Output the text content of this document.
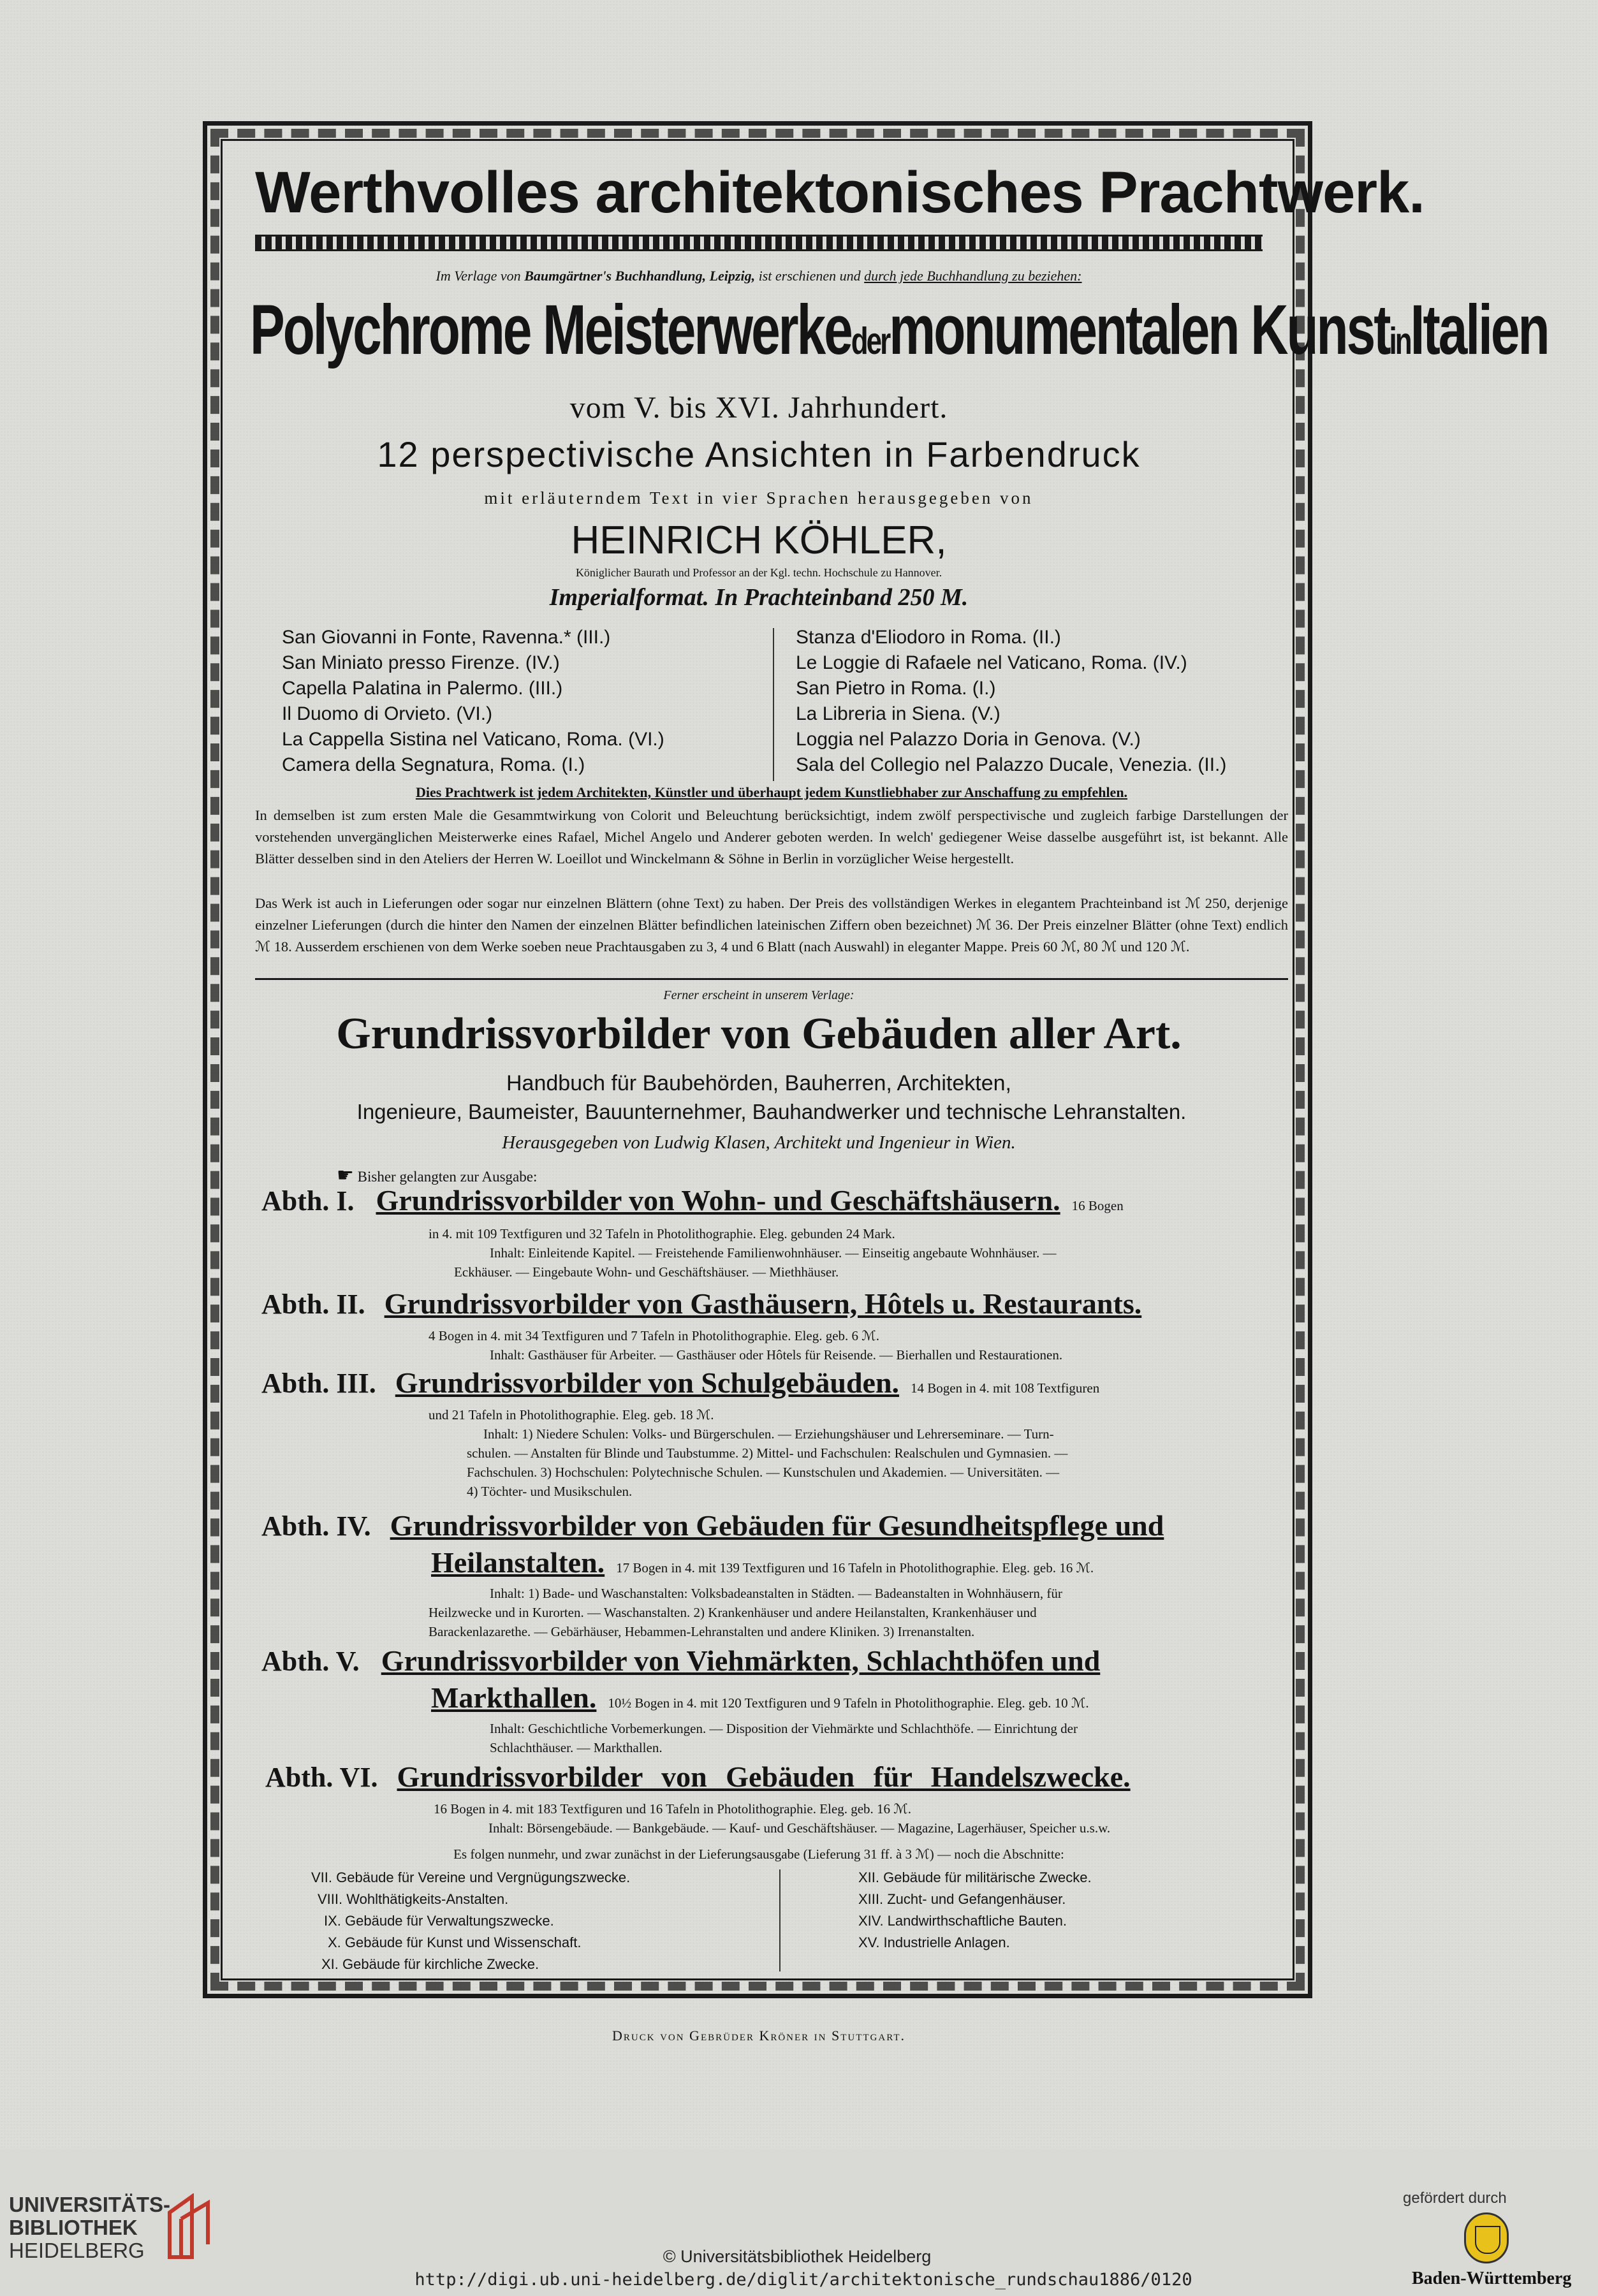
Werthvolles architektonisches Prachtwerk.
Im Verlage von Baumgärtner's Buchhandlung, Leipzig, ist erschienen und durch jede Buchhandlung zu beziehen:
Polychrome Meisterwerkedermonumentalen KunstinItalien
vom V. bis XVI. Jahrhundert.
12 perspectivische Ansichten in Farbendruck
mit erläuterndem Text in vier Sprachen herausgegeben von
HEINRICH KÖHLER,
Königlicher Baurath und Professor an der Kgl. techn. Hochschule zu Hannover.
Imperialformat. In Prachteinband 250 M.
San Giovanni in Fonte, Ravenna.* (III.)
San Miniato presso Firenze. (IV.)
Capella Palatina in Palermo. (III.)
Il Duomo di Orvieto. (VI.)
La Cappella Sistina nel Vaticano, Roma. (VI.)
Camera della Segnatura, Roma. (I.)
Stanza d'Eliodoro in Roma. (II.)
Le Loggie di Rafaele nel Vaticano, Roma. (IV.)
San Pietro in Roma. (I.)
La Libreria in Siena. (V.)
Loggia nel Palazzo Doria in Genova. (V.)
Sala del Collegio nel Palazzo Ducale, Venezia. (II.)
Dies Prachtwerk ist jedem Architekten, Künstler und überhaupt jedem Kunstliebhaber zur Anschaffung zu empfehlen.
In demselben ist zum ersten Male die Gesammtwirkung von Colorit und Beleuchtung berücksichtigt, indem zwölf perspectivische und zugleich farbige Darstellungen der vorstehenden unvergänglichen Meisterwerke eines Rafael, Michel Angelo und Anderer geboten werden. In welch' gediegener Weise dasselbe ausgeführt ist, ist bekannt. Alle Blätter desselben sind in den Ateliers der Herren W. Loeillot und Winckelmann & Söhne in Berlin in vorzüglicher Weise hergestellt.
Das Werk ist auch in Lieferungen oder sogar nur einzelnen Blättern (ohne Text) zu haben. Der Preis des vollständigen Werkes in elegantem Prachteinband ist ℳ 250, derjenige einzelner Lieferungen (durch die hinter den Namen der einzelnen Blätter befindlichen lateinischen Ziffern oben bezeichnet) ℳ 36. Der Preis einzelner Blätter (ohne Text) endlich ℳ 18. Ausserdem erschienen von dem Werke soeben neue Prachtausgaben zu 3, 4 und 6 Blatt (nach Auswahl) in eleganter Mappe. Preis 60 ℳ, 80 ℳ und 120 ℳ.
Ferner erscheint in unserem Verlage:
Grundrissvorbilder von Gebäuden aller Art.
Handbuch für Baubehörden, Bauherren, Architekten,
Ingenieure, Baumeister, Bauunternehmer, Bauhandwerker und technische Lehranstalten.
Herausgegeben von Ludwig Klasen, Architekt und Ingenieur in Wien.
☛ Bisher gelangten zur Ausgabe:
Abth. I. Grundrissvorbilder von Wohn- und Geschäftshäusern. 16 Bogen
in 4. mit 109 Textfiguren und 32 Tafeln in Photolithographie. Eleg. gebunden 24 Mark.
Inhalt: Einleitende Kapitel. — Freistehende Familienwohnhäuser. — Einseitig angebaute Wohnhäuser. —
Eckhäuser. — Eingebaute Wohn- und Geschäftshäuser. — Miethhäuser.
Abth. II. Grundrissvorbilder von Gasthäusern, Hôtels u. Restaurants.
4 Bogen in 4. mit 34 Textfiguren und 7 Tafeln in Photolithographie. Eleg. geb. 6 ℳ.
Inhalt: Gasthäuser für Arbeiter. — Gasthäuser oder Hôtels für Reisende. — Bierhallen und Restaurationen.
Abth. III. Grundrissvorbilder von Schulgebäuden. 14 Bogen in 4. mit 108 Textfiguren
und 21 Tafeln in Photolithographie. Eleg. geb. 18 ℳ.
Inhalt: 1) Niedere Schulen: Volks- und Bürgerschulen. — Erziehungshäuser und Lehrerseminare. — Turn-
schulen. — Anstalten für Blinde und Taubstumme. 2) Mittel- und Fachschulen: Realschulen und Gymnasien. —
Fachschulen. 3) Hochschulen: Polytechnische Schulen. — Kunstschulen und Akademien. — Universitäten. —
4) Töchter- und Musikschulen.
Abth. IV. Grundrissvorbilder von Gebäuden für Gesundheitspflege und
Heilanstalten. 17 Bogen in 4. mit 139 Textfiguren und 16 Tafeln in Photolithographie. Eleg. geb. 16 ℳ.
Inhalt: 1) Bade- und Waschanstalten: Volksbadeanstalten in Städten. — Badeanstalten in Wohnhäusern, für
Heilzwecke und in Kurorten. — Waschanstalten. 2) Krankenhäuser und andere Heilanstalten, Krankenhäuser und
Barackenlazarethe. — Gebärhäuser, Hebammen-Lehranstalten und andere Kliniken. 3) Irrenanstalten.
Abth. V. Grundrissvorbilder von Viehmärkten, Schlachthöfen und
Markthallen. 10½ Bogen in 4. mit 120 Textfiguren und 9 Tafeln in Photolithographie. Eleg. geb. 10 ℳ.
Inhalt: Geschichtliche Vorbemerkungen. — Disposition der Viehmärkte und Schlachthöfe. — Einrichtung der
Schlachthäuser. — Markthallen.
Abth. VI. Grundrissvorbilder von Gebäuden für Handelszwecke.
16 Bogen in 4. mit 183 Textfiguren und 16 Tafeln in Photolithographie. Eleg. geb. 16 ℳ.
Inhalt: Börsengebäude. — Bankgebäude. — Kauf- und Geschäftshäuser. — Magazine, Lagerhäuser, Speicher u.s.w.
Es folgen nunmehr, und zwar zunächst in der Lieferungsausgabe (Lieferung 31 ff. à 3 ℳ) — noch die Abschnitte:
VII. Gebäude für Vereine und Vergnügungszwecke.
VIII. Wohlthätigkeits-Anstalten.
IX. Gebäude für Verwaltungszwecke.
X. Gebäude für Kunst und Wissenschaft.
XI. Gebäude für kirchliche Zwecke.
XII. Gebäude für militärische Zwecke.
XIII. Zucht- und Gefangenhäuser.
XIV. Landwirthschaftliche Bauten.
XV. Industrielle Anlagen.
Druck von Gebrüder Kröner in Stuttgart.
UNIVERSITÄTS-
BIBLIOTHEK
HEIDELBERG	© Universitätsbibliothek Heidelberg
http://digi.ub.uni-heidelberg.de/diglit/architektonische_rundschau1886/0120
gefördert durch
Baden-Württemberg
